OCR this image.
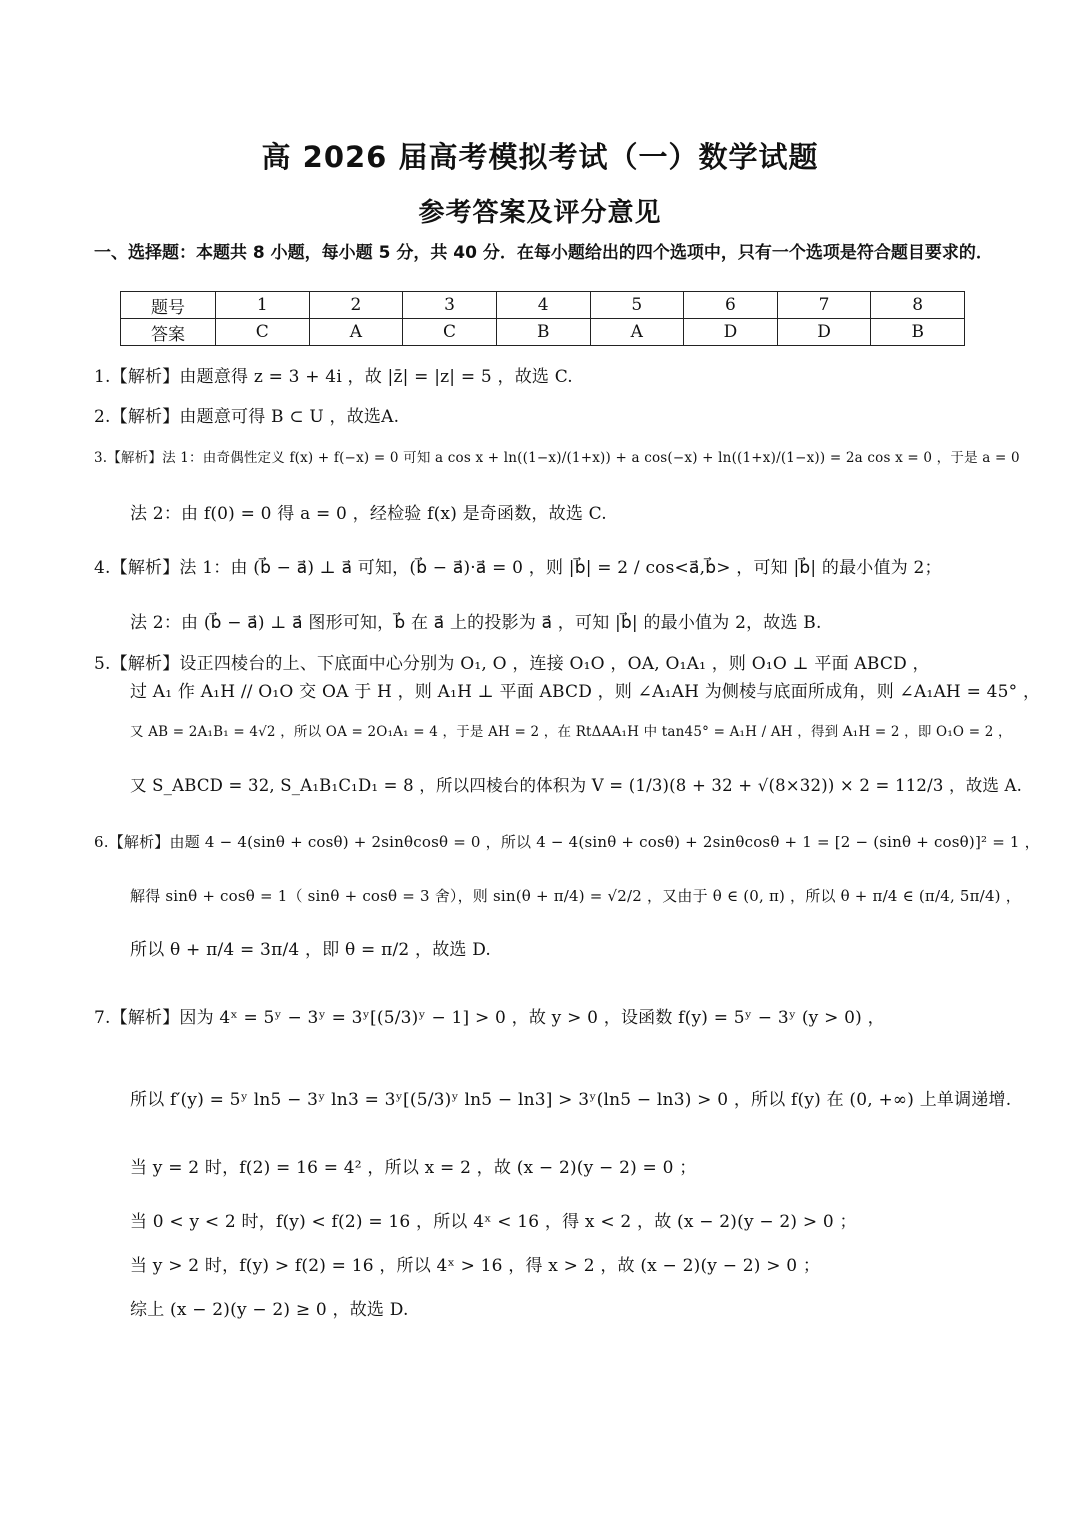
高 2026 届高考模拟考试（一）数学试题
参考答案及评分意见
一、选择题：本题共 8 小题，每小题 5 分，共 40 分．在每小题给出的四个选项中，只有一个选项是符合题目要求的．
题号	1	2	3	4	5	6	7	8
答案	C	A	C	B	A	D	D	B
1.【解析】由题意得 z = 3 + 4i ，故 |z̄| = |z| = 5 ，故选 C.
2.【解析】由题意可得 B ⊂ U ，故选A.
3.【解析】法 1：由奇偶性定义 f(x) + f(−x) = 0 可知 a cos x + ln((1−x)/(1+x)) + a cos(−x) + ln((1+x)/(1−x)) = 2a cos x = 0 ，于是 a = 0
法 2：由 f(0) = 0 得 a = 0 ，经检验 f(x) 是奇函数，故选 C.
4.【解析】法 1：由 (b⃗ − a⃗) ⊥ a⃗ 可知，(b⃗ − a⃗)·a⃗ = 0 ，则 |b⃗| = 2 / cos<a⃗,b⃗> ，可知 |b⃗| 的最小值为 2；
法 2：由 (b⃗ − a⃗) ⊥ a⃗ 图形可知，b⃗ 在 a⃗ 上的投影为 a⃗ ，可知 |b⃗| 的最小值为 2，故选 B.
5.【解析】设正四棱台的上、下底面中心分别为 O₁, O ，连接 O₁O ，OA, O₁A₁ ，则 O₁O ⊥ 平面 ABCD ，
过 A₁ 作 A₁H // O₁O 交 OA 于 H ，则 A₁H ⊥ 平面 ABCD ，则 ∠A₁AH 为侧棱与底面所成角，则 ∠A₁AH = 45° ，
又 AB = 2A₁B₁ = 4√2 ，所以 OA = 2O₁A₁ = 4 ，于是 AH = 2 ，在 RtΔAA₁H 中 tan45° = A₁H / AH ，得到 A₁H = 2 ，即 O₁O = 2 ，
又 S_ABCD = 32, S_A₁B₁C₁D₁ = 8 ，所以四棱台的体积为 V = (1/3)(8 + 32 + √(8×32)) × 2 = 112/3 ，故选 A.
6.【解析】由题 4 − 4(sinθ + cosθ) + 2sinθcosθ = 0 ，所以 4 − 4(sinθ + cosθ) + 2sinθcosθ + 1 = [2 − (sinθ + cosθ)]² = 1 ，
解得 sinθ + cosθ = 1（ sinθ + cosθ = 3 舍），则 sin(θ + π/4) = √2/2 ，又由于 θ ∈ (0, π) ，所以 θ + π/4 ∈ (π/4, 5π/4) ，
所以 θ + π/4 = 3π/4 ，即 θ = π/2 ，故选 D.
7.【解析】因为 4ˣ = 5ʸ − 3ʸ = 3ʸ[(5/3)ʸ − 1] > 0 ，故 y > 0 ，设函数 f(y) = 5ʸ − 3ʸ (y > 0) ，
所以 f′(y) = 5ʸ ln5 − 3ʸ ln3 = 3ʸ[(5/3)ʸ ln5 − ln3] > 3ʸ(ln5 − ln3) > 0 ，所以 f(y) 在 (0, +∞) 上单调递增.
当 y = 2 时，f(2) = 16 = 4² ，所以 x = 2 ，故 (x − 2)(y − 2) = 0 ；
当 0 < y < 2 时，f(y) < f(2) = 16 ，所以 4ˣ < 16 ，得 x < 2 ，故 (x − 2)(y − 2) > 0 ；
当 y > 2 时，f(y) > f(2) = 16 ，所以 4ˣ > 16 ，得 x > 2 ，故 (x − 2)(y − 2) > 0 ；
综上 (x − 2)(y − 2) ≥ 0 ，故选 D.
